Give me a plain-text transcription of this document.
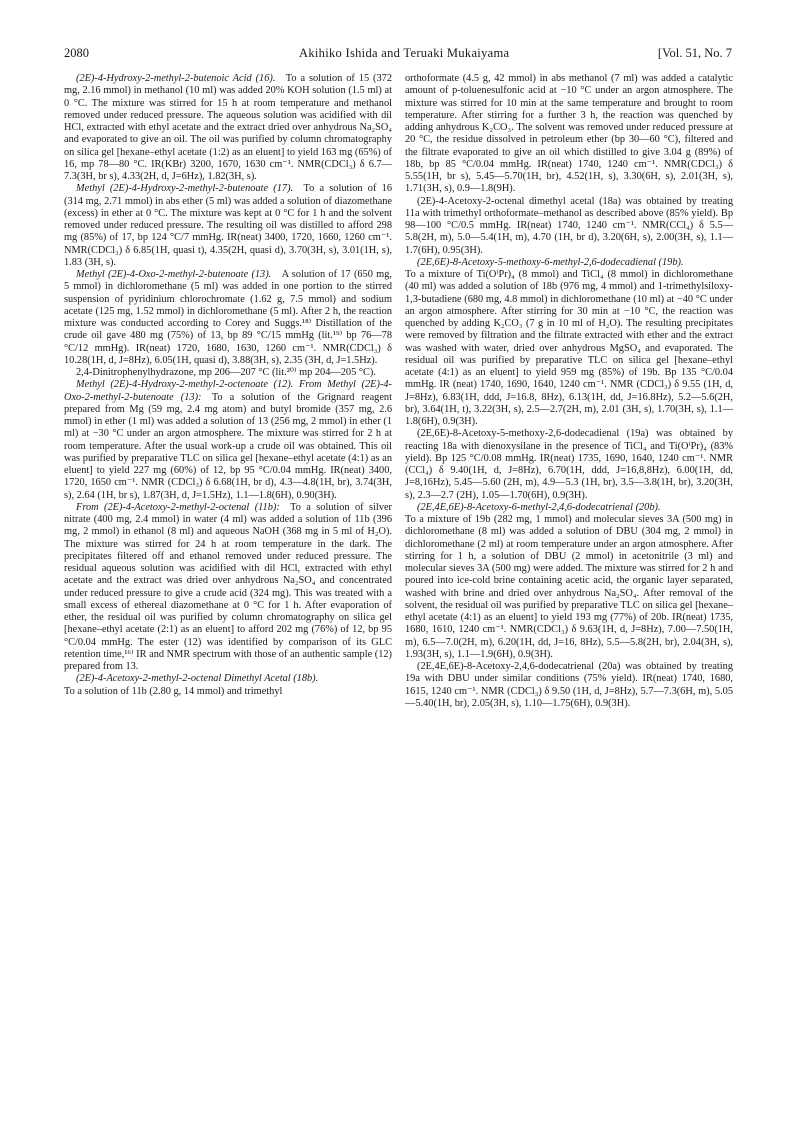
2080	Akihiko Ishida and Teruaki Mukaiyama	[Vol. 51, No. 7

(2E)-4-Hydroxy-2-methyl-2-butenoic Acid (16).  To a solution of 15 (372 mg, 2.16 mmol) in methanol (10 ml) was added 20% KOH solution (1.5 ml) at 0 °C. The mixture was stirred for 15 h at room temperature and methanol removed under reduced pressure. The aqueous solution was acidified with dil HCl, extracted with ethyl acetate and the extract dried over anhydrous Na₂SO₄ and evaporated to give an oil. The oil was purified by column chromatography on silica gel [hexane–ethyl acetate (1:2) as an eluent] to yield 163 mg (65%) of 16, mp 78—80 °C. IR(KBr) 3200, 1670, 1630 cm⁻¹. NMR(CDCl₃) δ 6.7—7.3(3H, br s), 4.33(2H, d, J=6Hz), 1.82(3H, s).

Methyl (2E)-4-Hydroxy-2-methyl-2-butenoate (17).  To a solution of 16 (314 mg, 2.71 mmol) in abs ether (5 ml) was added a solution of diazomethane (excess) in ether at 0 °C. The mixture was kept at 0 °C for 1 h and the solvent removed under reduced pressure. The resulting oil was distilled to afford 298 mg (85%) of 17, bp 124 °C/7 mmHg. IR(neat) 3400, 1720, 1660, 1260 cm⁻¹. NMR(CDCl₃) δ 6.85(1H, quasi t), 4.35(2H, quasi d), 3.70(3H, s), 3.01(1H, s), 1.83 (3H, s).

Methyl (2E)-4-Oxo-2-methyl-2-butenoate (13).  A solution of 17 (650 mg, 5 mmol) in dichloromethane (5 ml) was added in one portion to the stirred suspension of pyridinium chlorochromate (1.62 g, 7.5 mmol) and sodium acetate (125 mg, 1.52 mmol) in dichloromethane (5 ml). After 2 h, the reaction mixture was conducted according to Corey and Suggs.¹⁸⁾ Distillation of the crude oil gave 480 mg (75%) of 13, bp 89 °C/15 mmHg (lit.¹⁹⁾ bp 76—78 °C/12 mmHg). IR(neat) 1720, 1680, 1630, 1260 cm⁻¹. NMR(CDCl₃) δ 10.28(1H, d, J=8Hz), 6.05(1H, quasi d), 3.88(3H, s), 2.35 (3H, d, J=1.5Hz).

2,4-Dinitrophenylhydrazone, mp 206—207 °C (lit.²⁰⁾ mp 204—205 °C).

Methyl (2E)-4-Hydroxy-2-methyl-2-octenoate (12). From Methyl (2E)-4-Oxo-2-methyl-2-butenoate (13):  To a solution of the Grignard reagent prepared from Mg (59 mg, 2.4 mg atom) and butyl bromide (357 mg, 2.6 mmol) in ether (1 ml) was added a solution of 13 (256 mg, 2 mmol) in ether (1 ml) at −30 °C under an argon atmosphere. The mixture was stirred for 2 h at room temperature. After the usual work-up a crude oil was obtained. This oil was purified by preparative TLC on silica gel [hexane–ethyl acetate (4:1) as an eluent] to yield 227 mg (60%) of 12, bp 95 °C/0.04 mmHg. IR(neat) 3400, 1720, 1650 cm⁻¹. NMR (CDCl₃) δ 6.68(1H, br d), 4.3—4.8(1H, br), 3.74(3H, s), 2.64 (1H, br s), 1.87(3H, d, J=1.5Hz), 1.1—1.8(6H), 0.90(3H).

From (2E)-4-Acetoxy-2-methyl-2-octenal (11b):  To a solution of silver nitrate (400 mg, 2.4 mmol) in water (4 ml) was added a solution of 11b (396 mg, 2 mmol) in ethanol (8 ml) and aqueous NaOH (368 mg in 5 ml of H₂O). The mixture was stirred for 24 h at room temperature in the dark. The precipitates filtered off and ethanol removed under reduced pressure. The residual aqueous solution was acidified with dil HCl, extracted with ethyl acetate and the extract was dried over anhydrous Na₂SO₄ and concentrated under reduced pressure to give a crude acid (324 mg). This was treated with a small excess of ethereal diazomethane at 0 °C for 1 h. After evaporation of ether, the residual oil was purified by column chromatography on silica gel [hexane–ethyl acetate (2:1) as an eluent] to afford 202 mg (76%) of 12, bp 95 °C/0.04 mmHg. The ester (12) was identified by comparison of its GLC retention time,¹⁶⁾ IR and NMR spectrum with those of an authentic sample (12) prepared from 13.

(2E)-4-Acetoxy-2-methyl-2-octenal Dimethyl Acetal (18b).

To a solution of 11b (2.80 g, 14 mmol) and trimethyl

orthoformate (4.5 g, 42 mmol) in abs methanol (7 ml) was added a catalytic amount of p-toluenesulfonic acid at −10 °C under an argon atmosphere. The mixture was stirred for 10 min at the same temperature and brought to room temperature. After stirring for a further 3 h, the reaction was quenched by adding anhydrous K₂CO₃. The solvent was removed under reduced pressure at 20 °C, the residue dissolved in petroleum ether (bp 30—60 °C), filtered and the filtrate evaporated to give an oil which distilled to give 3.04 g (89%) of 18b, bp 85 °C/0.04 mmHg. IR(neat) 1740, 1240 cm⁻¹. NMR(CDCl₃) δ 5.55(1H, br s), 5.45—5.70(1H, br), 4.52(1H, s), 3.30(6H, s), 2.01(3H, s), 1.71(3H, s), 0.9—1.8(9H).

(2E)-4-Acetoxy-2-octenal dimethyl acetal (18a) was obtained by treating 11a with trimethyl orthoformate–methanol as described above (85% yield). Bp 98—100 °C/0.5 mmHg. IR(neat) 1740, 1240 cm⁻¹. NMR(CCl₄) δ 5.5—5.8(2H, m), 5.0—5.4(1H, m), 4.70 (1H, br d), 3.20(6H, s), 2.00(3H, s), 1.1—1.7(6H), 0.95(3H).

(2E,6E)-8-Acetoxy-5-methoxy-6-methyl-2,6-dodecadienal (19b).

To a mixture of Ti(OⁱPr)₄ (8 mmol) and TiCl₄ (8 mmol) in dichloromethane (40 ml) was added a solution of 18b (976 mg, 4 mmol) and 1-trimethylsiloxy-1,3-butadiene (680 mg, 4.8 mmol) in dichloromethane (10 ml) at −40 °C under an argon atmosphere. After stirring for 30 min at −10 °C, the reaction was quenched by adding K₂CO₃ (7 g in 10 ml of H₂O). The resulting precipitates were removed by filtration and the filtrate extracted with ether and the extract was washed with water, dried over anhydrous MgSO₄ and evaporated. The residual oil was purified by preparative TLC on silica gel [hexane–ethyl acetate (4:1) as an eluent] to yield 959 mg (85%) of 19b. Bp 135 °C/0.04 mmHg. IR (neat) 1740, 1690, 1640, 1240 cm⁻¹. NMR (CDCl₃) δ 9.55 (1H, d, J=8Hz), 6.83(1H, ddd, J=16.8, 8Hz), 6.13(1H, dd, J=16.8Hz), 5.2—5.6(2H, br), 3.64(1H, t), 3.22(3H, s), 2.5—2.7(2H, m), 2.01 (3H, s), 1.70(3H, s), 1.1—1.8(6H), 0.9(3H).

(2E,6E)-8-Acetoxy-5-methoxy-2,6-dodecadienal (19a) was obtained by reacting 18a with dienoxysilane in the presence of TiCl₄ and Ti(OⁱPr)₄ (83% yield). Bp 125 °C/0.08 mmHg. IR(neat) 1735, 1690, 1640, 1240 cm⁻¹. NMR (CCl₄) δ 9.40(1H, d, J=8Hz), 6.70(1H, ddd, J=16,8,8Hz), 6.00(1H, dd, J=8,16Hz), 5.45—5.60 (2H, m), 4.9—5.3 (1H, br), 3.5—3.8(1H, br), 3.20(3H, s), 2.3—2.7 (2H), 1.05—1.70(6H), 0.9(3H).

(2E,4E,6E)-8-Acetoxy-6-methyl-2,4,6-dodecatrienal (20b).

To a mixture of 19b (282 mg, 1 mmol) and molecular sieves 3A (500 mg) in dichloromethane (8 ml) was added a solution of DBU (304 mg, 2 mmol) in dichloromethane (2 ml) at room temperature under an argon atmosphere. After stirring for 1 h, a solution of DBU (2 mmol) in acetonitrile (3 ml) and molecular sieves 3A (500 mg) were added. The mixture was stirred for 2 h and poured into ice-cold brine containing acetic acid, the organic layer separated, washed with brine and dried over anhydrous Na₂SO₄. After removal of the solvent, the residual oil was purified by preparative TLC on silica gel [hexane–ethyl acetate (4:1) as an eluent] to yield 193 mg (77%) of 20b. IR(neat) 1735, 1680, 1610, 1240 cm⁻¹. NMR(CDCl₃) δ 9.63(1H, d, J=8Hz), 7.00—7.50(1H, m), 6.5—7.0(2H, m), 6.20(1H, dd, J=16, 8Hz), 5.5—5.8(2H, br), 2.04(3H, s), 1.93(3H, s), 1.1—1.9(6H), 0.9(3H).

(2E,4E,6E)-8-Acetoxy-2,4,6-dodecatrienal (20a) was obtained by treating 19a with DBU under similar conditions (75% yield). IR(neat) 1740, 1680, 1615, 1240 cm⁻¹. NMR (CDCl₃) δ 9.50 (1H, d, J=8Hz), 5.7—7.3(6H, m), 5.05—5.40(1H, br), 2.05(3H, s), 1.10—1.75(6H), 0.9(3H).
